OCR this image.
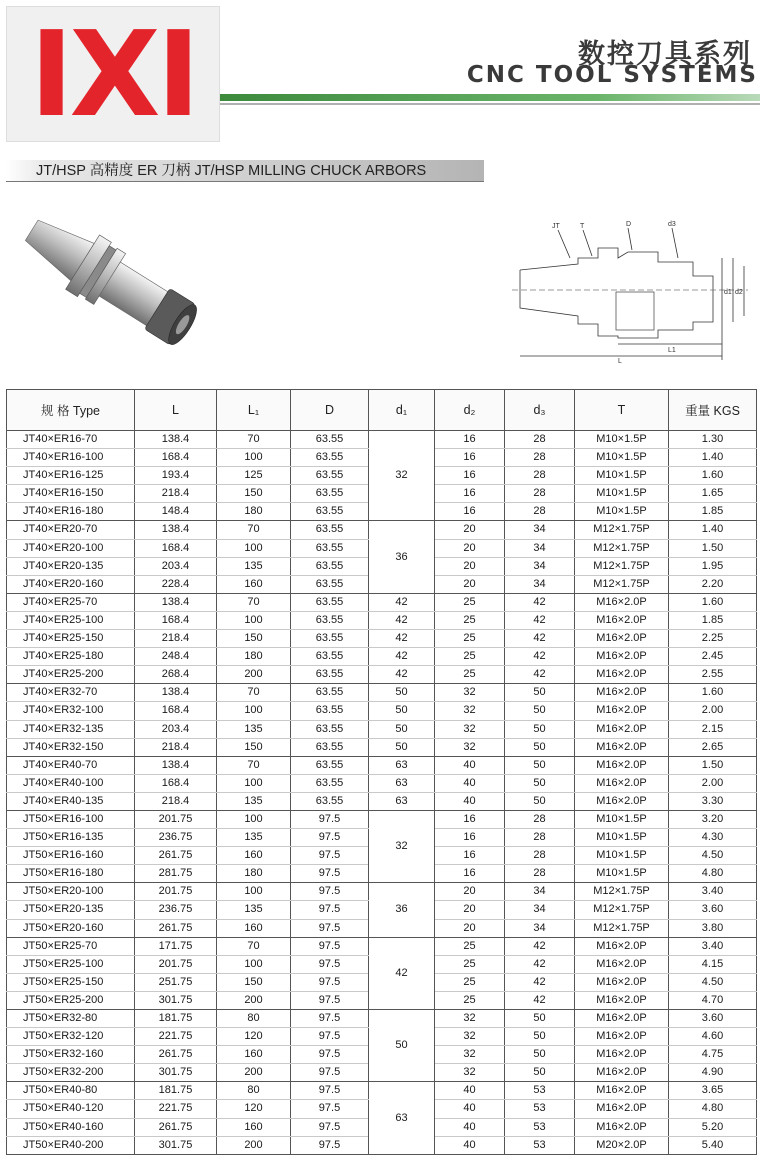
IXI	数控刀具系列
CNC TOOL SYSTEMS
JT/HSP 高精度 ER 刀柄 JT/HSP MILLING CHUCK ARBORS
JT	T	D	d3
d1 d2
L
L1
规 格 Type	L	L₁	D	d₁	d₂	d₃	T	重量 KGS
JT40×ER16-70	138.4	70	63.55	32	16	28	M10×1.5P	1.30
JT40×ER16-100	168.4	100	63.55		16	28	M10×1.5P	1.40
JT40×ER16-125	193.4	125	63.55		16	28	M10×1.5P	1.60
JT40×ER16-150	218.4	150	63.55		16	28	M10×1.5P	1.65
JT40×ER16-180	148.4	180	63.55		16	28	M10×1.5P	1.85
JT40×ER20-70	138.4	70	63.55	36	20	34	M12×1.75P	1.40
JT40×ER20-100	168.4	100	63.55		20	34	M12×1.75P	1.50
JT40×ER20-135	203.4	135	63.55		20	34	M12×1.75P	1.95
JT40×ER20-160	228.4	160	63.55		20	34	M12×1.75P	2.20
JT40×ER25-70	138.4	70	63.55	42	25	42	M16×2.0P	1.60
JT40×ER25-100	168.4	100	63.55	42	25	42	M16×2.0P	1.85
JT40×ER25-150	218.4	150	63.55	42	25	42	M16×2.0P	2.25
JT40×ER25-180	248.4	180	63.55	42	25	42	M16×2.0P	2.45
JT40×ER25-200	268.4	200	63.55	42	25	42	M16×2.0P	2.55
JT40×ER32-70	138.4	70	63.55	50	32	50	M16×2.0P	1.60
JT40×ER32-100	168.4	100	63.55	50	32	50	M16×2.0P	2.00
JT40×ER32-135	203.4	135	63.55	50	32	50	M16×2.0P	2.15
JT40×ER32-150	218.4	150	63.55	50	32	50	M16×2.0P	2.65
JT40×ER40-70	138.4	70	63.55	63	40	50	M16×2.0P	1.50
JT40×ER40-100	168.4	100	63.55	63	40	50	M16×2.0P	2.00
JT40×ER40-135	218.4	135	63.55	63	40	50	M16×2.0P	3.30
JT50×ER16-100	201.75	100	97.5	32	16	28	M10×1.5P	3.20
JT50×ER16-135	236.75	135	97.5		16	28	M10×1.5P	4.30
JT50×ER16-160	261.75	160	97.5		16	28	M10×1.5P	4.50
JT50×ER16-180	281.75	180	97.5		16	28	M10×1.5P	4.80
JT50×ER20-100	201.75	100	97.5	36	20	34	M12×1.75P	3.40
JT50×ER20-135	236.75	135	97.5		20	34	M12×1.75P	3.60
JT50×ER20-160	261.75	160	97.5		20	34	M12×1.75P	3.80
JT50×ER25-70	171.75	70	97.5	42	25	42	M16×2.0P	3.40
JT50×ER25-100	201.75	100	97.5		25	42	M16×2.0P	4.15
JT50×ER25-150	251.75	150	97.5		25	42	M16×2.0P	4.50
JT50×ER25-200	301.75	200	97.5		25	42	M16×2.0P	4.70
JT50×ER32-80	181.75	80	97.5	50	32	50	M16×2.0P	3.60
JT50×ER32-120	221.75	120	97.5		32	50	M16×2.0P	4.60
JT50×ER32-160	261.75	160	97.5		32	50	M16×2.0P	4.75
JT50×ER32-200	301.75	200	97.5		32	50	M16×2.0P	4.90
JT50×ER40-80	181.75	80	97.5	63	40	53	M16×2.0P	3.65
JT50×ER40-120	221.75	120	97.5		40	53	M16×2.0P	4.80
JT50×ER40-160	261.75	160	97.5		40	53	M16×2.0P	5.20
JT50×ER40-200	301.75	200	97.5		40	53	M20×2.0P	5.40
